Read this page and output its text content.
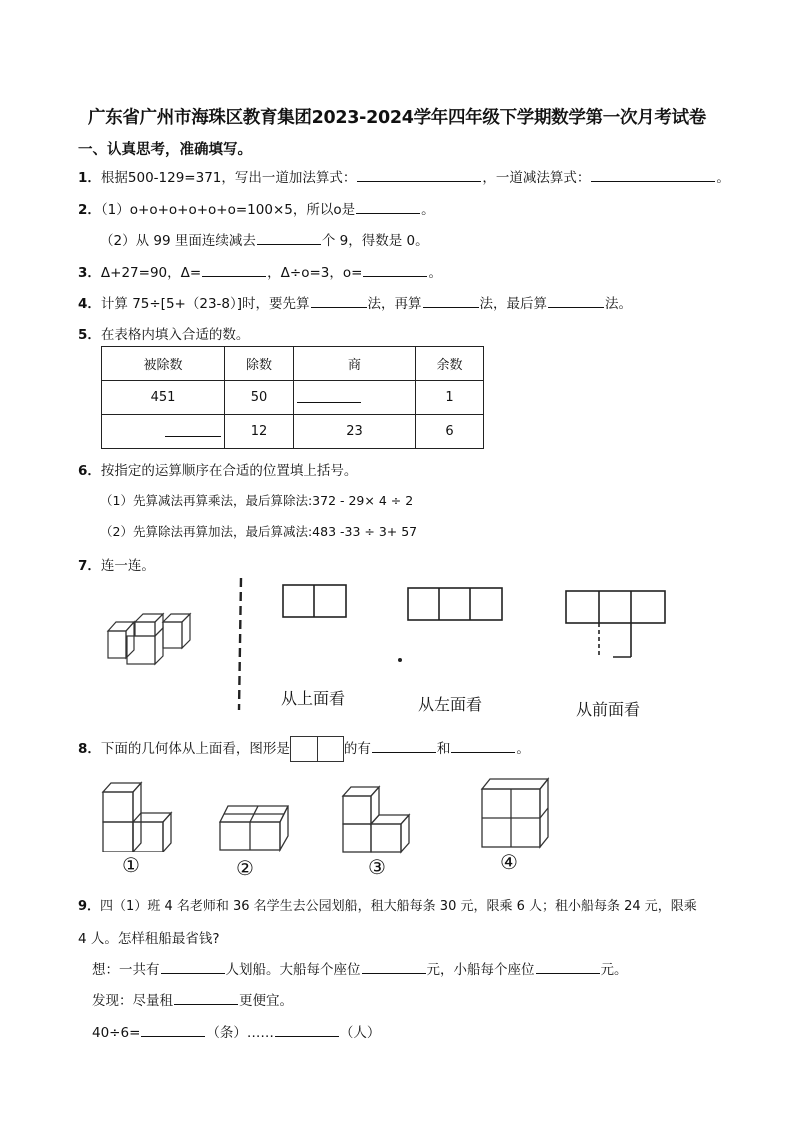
广东省广州市海珠区教育集团2023-2024学年四年级下学期数学第一次月考试卷
一、认真思考，准确填写。
1．根据500-129=371，写出一道加法算式：	，一道减法算式：	。
2．（1）o+o+o+o+o+o=100×5，所以o是	。
（2）从 99 里面连续减去	个 9，得数是 0。
3．Δ+27=90，Δ=	，Δ÷o=3，o=	。
4．计算 75÷[5+（23-8）]时，要先算	法，再算	法，最后算	法。
5．在表格内填入合适的数。
被除数	除数	商	余数
451	50		1
	12	23	6
6．按指定的运算顺序在合适的位置填上括号。
（1）先算减法再算乘法，最后算除法:372 - 29× 4 ÷ 2
（2）先算除法再算加法，最后算减法:483 -33 ÷ 3+ 57
7．连一连。
从上面看	从左面看	从前面看
8．下面的几何体从上面看，图形是	的有	和	。
①	②	③	④
9．四（1）班 4 名老师和 36 名学生去公园划船，租大船每条 30 元，限乘 6 人；租小船每条 24 元，限乘
4 人。怎样租船最省钱?
想：一共有	人划船。大船每个座位	元，小船每个座位	元。
发现：尽量租	更便宜。
40÷6=	（条）……	（人）
